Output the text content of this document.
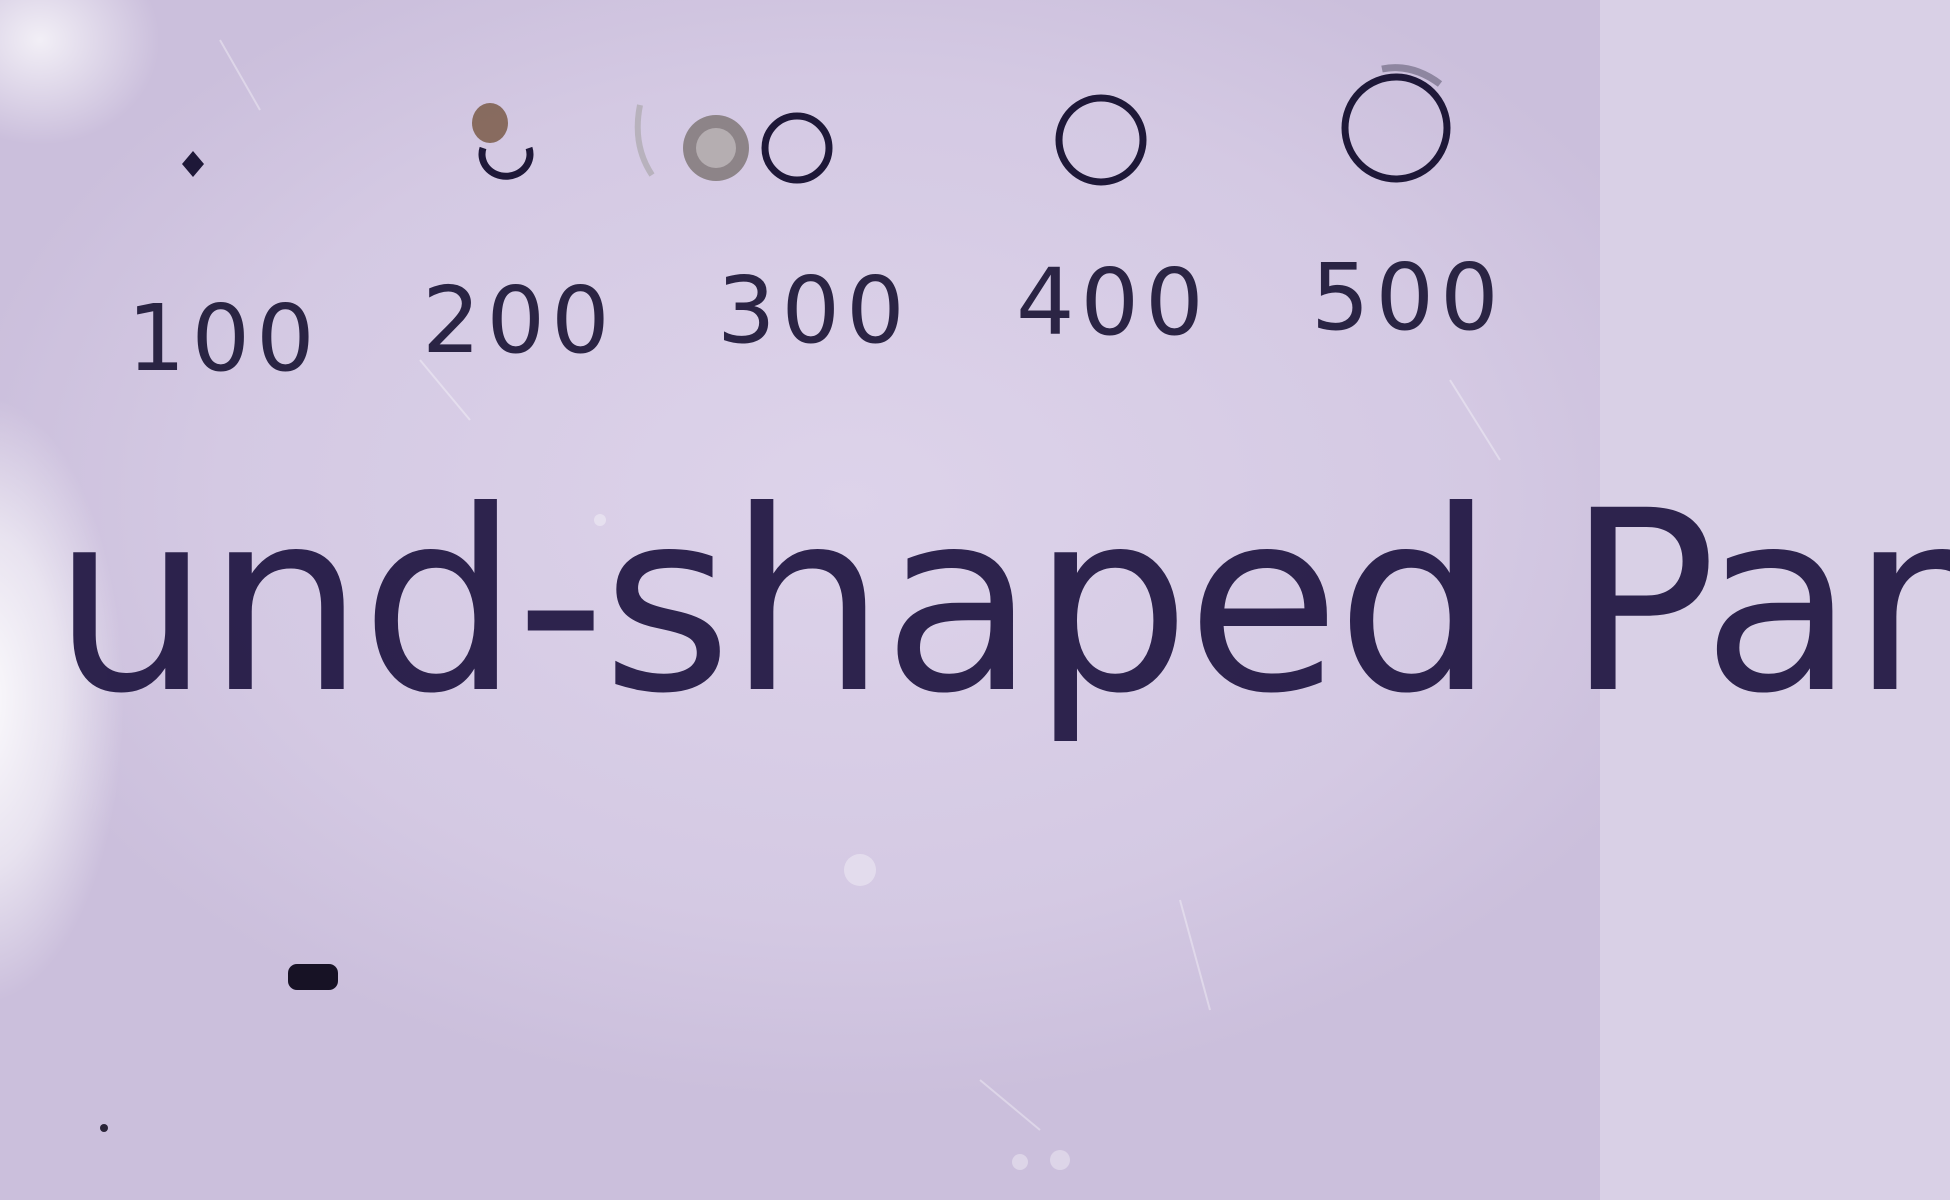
100 200 300 400 500
und-shaped Par
